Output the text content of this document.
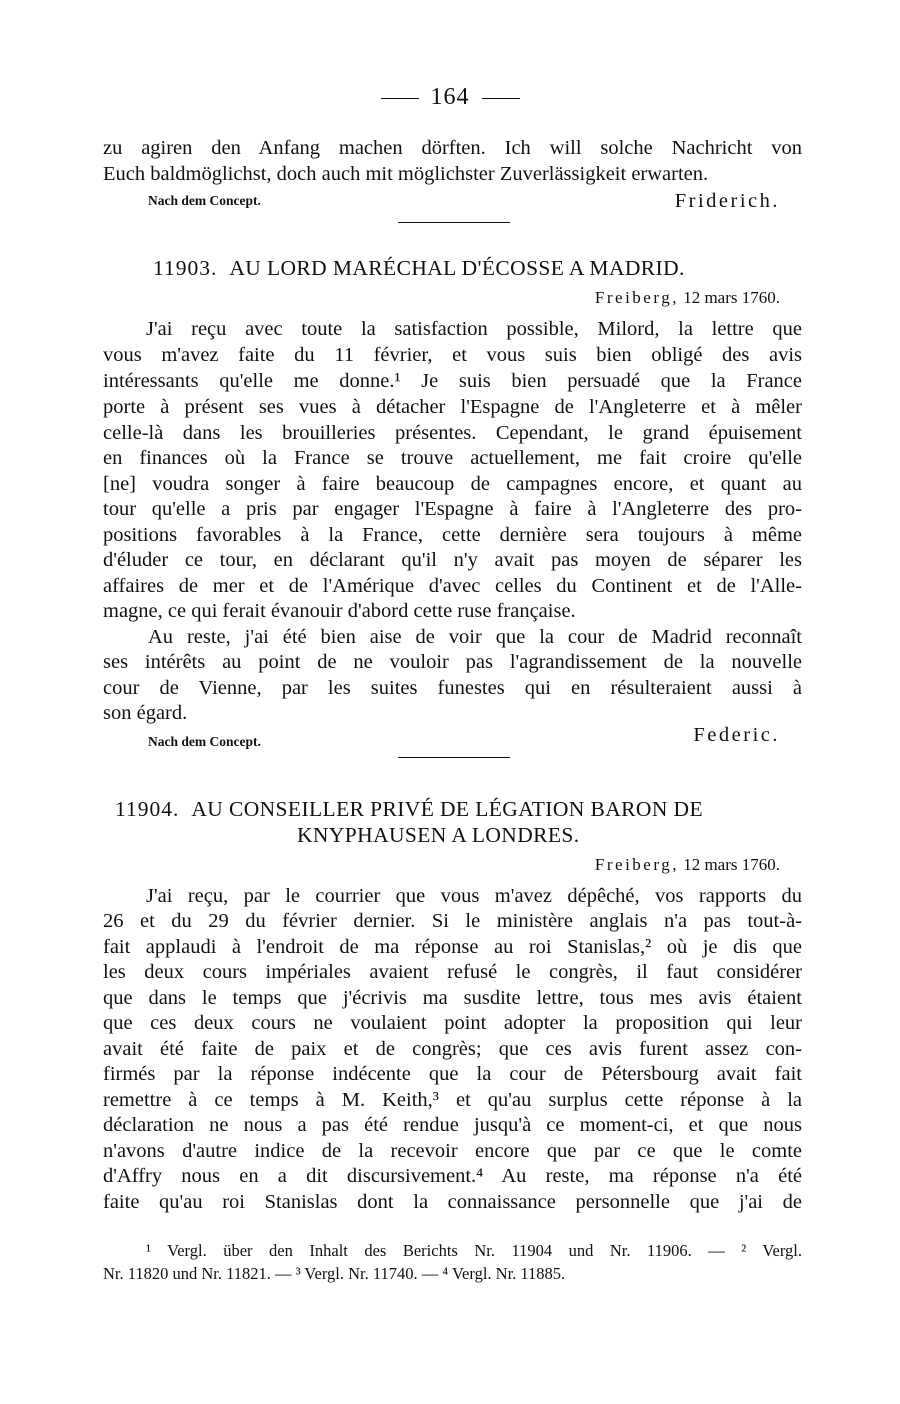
164
zu agiren den Anfang machen dörften. Ich will solche Nachricht von
Euch baldmöglichst, doch auch mit möglichster Zuverlässigkeit erwarten.
Nach dem Concept.	Friderich.
11903. AU LORD MARÉCHAL D'ÉCOSSE A MADRID.
Freiberg, 12 mars 1760.
J'ai reçu avec toute la satisfaction possible, Milord, la lettre que
vous m'avez faite du 11 février, et vous suis bien obligé des avis
intéressants qu'elle me donne.¹ Je suis bien persuadé que la France
porte à présent ses vues à détacher l'Espagne de l'Angleterre et à mêler
celle-là dans les brouilleries présentes. Cependant, le grand épuisement
en finances où la France se trouve actuellement, me fait croire qu'elle
[ne] voudra songer à faire beaucoup de campagnes encore, et quant au
tour qu'elle a pris par engager l'Espagne à faire à l'Angleterre des pro-
positions favorables à la France, cette dernière sera toujours à même
d'éluder ce tour, en déclarant qu'il n'y avait pas moyen de séparer les
affaires de mer et de l'Amérique d'avec celles du Continent et de l'Alle-
magne, ce qui ferait évanouir d'abord cette ruse française.
Au reste, j'ai été bien aise de voir que la cour de Madrid reconnaît
ses intérêts au point de ne vouloir pas l'agrandissement de la nouvelle
cour de Vienne, par les suites funestes qui en résulteraient aussi à
son égard.
Nach dem Concept.	Federic.
11904. AU CONSEILLER PRIVÉ DE LÉGATION BARON DE
KNYPHAUSEN A LONDRES.
Freiberg, 12 mars 1760.
J'ai reçu, par le courrier que vous m'avez dépêché, vos rapports du
26 et du 29 du février dernier. Si le ministère anglais n'a pas tout-à-
fait applaudi à l'endroit de ma réponse au roi Stanislas,² où je dis que
les deux cours impériales avaient refusé le congrès, il faut considérer
que dans le temps que j'écrivis ma susdite lettre, tous mes avis étaient
que ces deux cours ne voulaient point adopter la proposition qui leur
avait été faite de paix et de congrès; que ces avis furent assez con-
firmés par la réponse indécente que la cour de Pétersbourg avait fait
remettre à ce temps à M. Keith,³ et qu'au surplus cette réponse à la
déclaration ne nous a pas été rendue jusqu'à ce moment-ci, et que nous
n'avons d'autre indice de la recevoir encore que par ce que le comte
d'Affry nous en a dit discursivement.⁴ Au reste, ma réponse n'a été
faite qu'au roi Stanislas dont la connaissance personnelle que j'ai de
¹ Vergl. über den Inhalt des Berichts Nr. 11904 und Nr. 11906. — ² Vergl.
Nr. 11820 und Nr. 11821. — ³ Vergl. Nr. 11740. — ⁴ Vergl. Nr. 11885.
